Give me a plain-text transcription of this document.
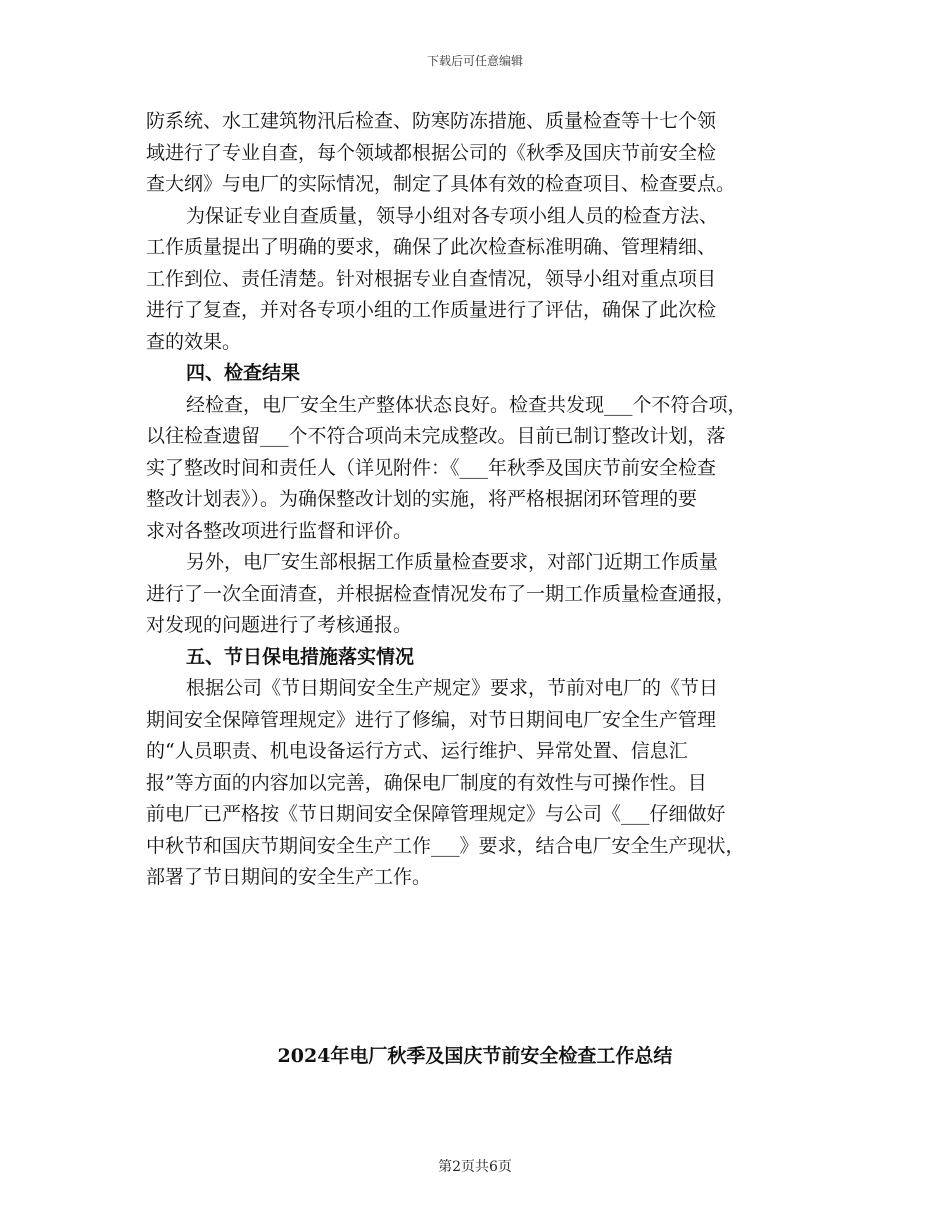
下载后可任意编辑
防系统、水工建筑物汛后检查、防寒防冻措施、质量检查等十七个领
域进行了专业自查，每个领域都根据公司的《秋季及国庆节前安全检
查大纲》与电厂的实际情况，制定了具体有效的检查项目、检查要点。
为保证专业自查质量，领导小组对各专项小组人员的检查方法、
工作质量提出了明确的要求，确保了此次检查标准明确、管理精细、
工作到位、责任清楚。针对根据专业自查情况，领导小组对重点项目
进行了复查，并对各专项小组的工作质量进行了评估，确保了此次检
查的效果。
四、检查结果
经检查，电厂安全生产整体状态良好。检查共发现___个不符合项，
以往检查遗留___个不符合项尚未完成整改。目前已制订整改计划，落
实了整改时间和责任人（详见附件：《___年秋季及国庆节前安全检查
整改计划表》）。为确保整改计划的实施，将严格根据闭环管理的要
求对各整改项进行监督和评价。
另外，电厂安生部根据工作质量检查要求，对部门近期工作质量
进行了一次全面清查，并根据检查情况发布了一期工作质量检查通报，
对发现的问题进行了考核通报。
五、节日保电措施落实情况
根据公司《节日期间安全生产规定》要求，节前对电厂的《节日
期间安全保障管理规定》进行了修编，对节日期间电厂安全生产管理
的“人员职责、机电设备运行方式、运行维护、异常处置、信息汇
报”等方面的内容加以完善，确保电厂制度的有效性与可操作性。目
前电厂已严格按《节日期间安全保障管理规定》与公司《___仔细做好
中秋节和国庆节期间安全生产工作___》要求，结合电厂安全生产现状，
部署了节日期间的安全生产工作。
2024年电厂秋季及国庆节前安全检查工作总结
第2页共6页
